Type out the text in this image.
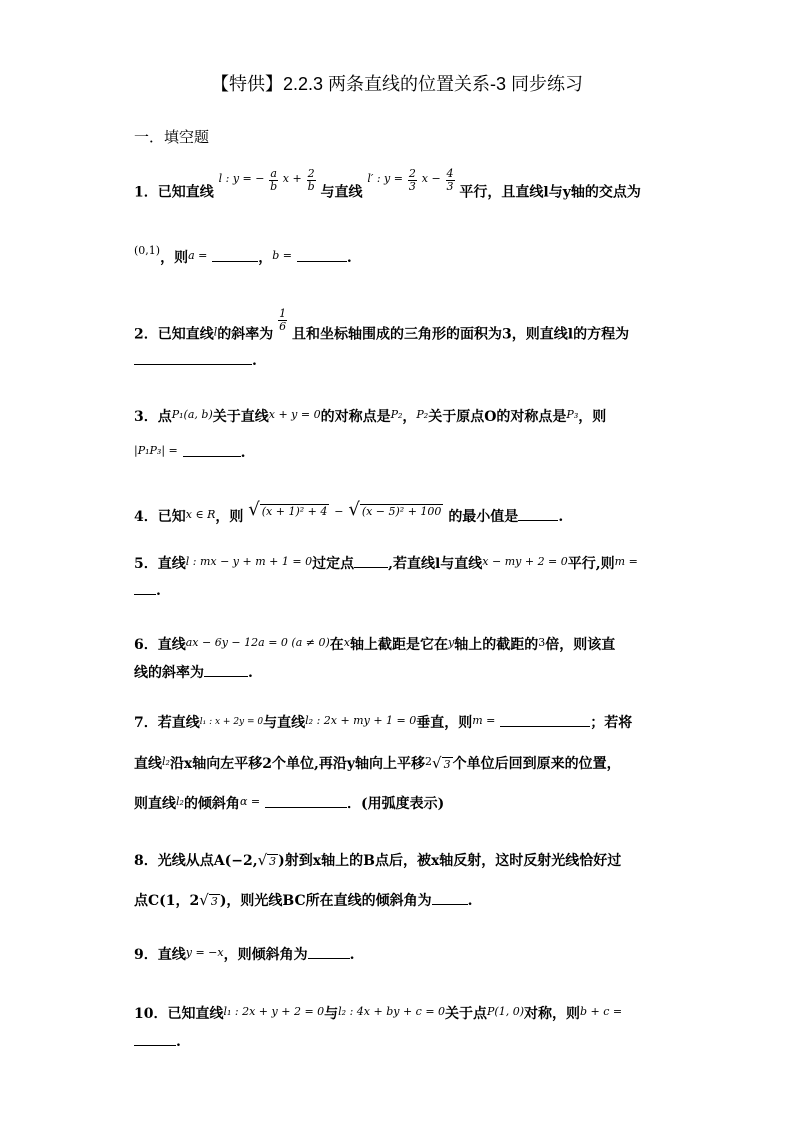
【特供】2.2.3 两条直线的位置关系-3 同步练习
一．填空题
1．已知直线 $^{l : y = -} \frac{a}{b} ^{x +} \frac{2}{b}$ 与直线 $^{l' : y =} \frac{2}{3} ^{x -} \frac{4}{3}$ 平行，且直线l与y轴的交点为
$^{(0,1)}$，则$^{a =}$	，$^{b =}$	.
2．已知直线$^l$的斜率为
$\frac{1}{6}$
且和坐标轴围成的三角形的面积为3，则直线l的方程为
.
3．点$^{P_1(a, b)}$关于直线$^{x + y = 0}$的对称点是$^{P_2}$，$^{P_2}$关于原点O的对称点是$^{P_3}$，则
$^{|P_1P_3| =}$	.
4．已知$^{x \in R}$，则 √ (x + 1)² + 4 − √ (x − 5)² + 100 的最小值是	.
5．直线$^{l : mx - y + m + 1 = 0}$过定点 ,若直线l与直线$^{x - my + 2 = 0}$平行,则$^{m =}$
.
6．直线$^{ax - 6y - 12a = 0 (a \ne 0)}$在$^x$轴上截距是它在$^y$轴上的截距的$^3$倍，则该直
线的斜率为	.
7．若直线$^{l_1 : x + 2y = 0}$与直线$^{l_2 : 2x + my + 1 = 0}$垂直，则$^{m =}$	；若将
直线$^{l_2}$沿x轴向左平移2个单位,再沿y轴向上平移$^2$√ 3 个单位后回到原来的位置，
则直线$^{l_2}$的倾斜角$^{\alpha =}$	．(用弧度表示)
8．光线从点A(−2,√ 3 )射到x轴上的B点后，被x轴反射，这时反射光线恰好过
点C(1，2√ 3 )，则光线BC所在直线的倾斜角为	.
9．直线$^{y = -x}$，则倾斜角为	.
10．已知直线$^{l_1 : 2x + y + 2 = 0}$与$^{l_2 : 4x + by + c = 0}$关于点$^{P(1, 0)}$对称，则$^{b + c =}$
.
